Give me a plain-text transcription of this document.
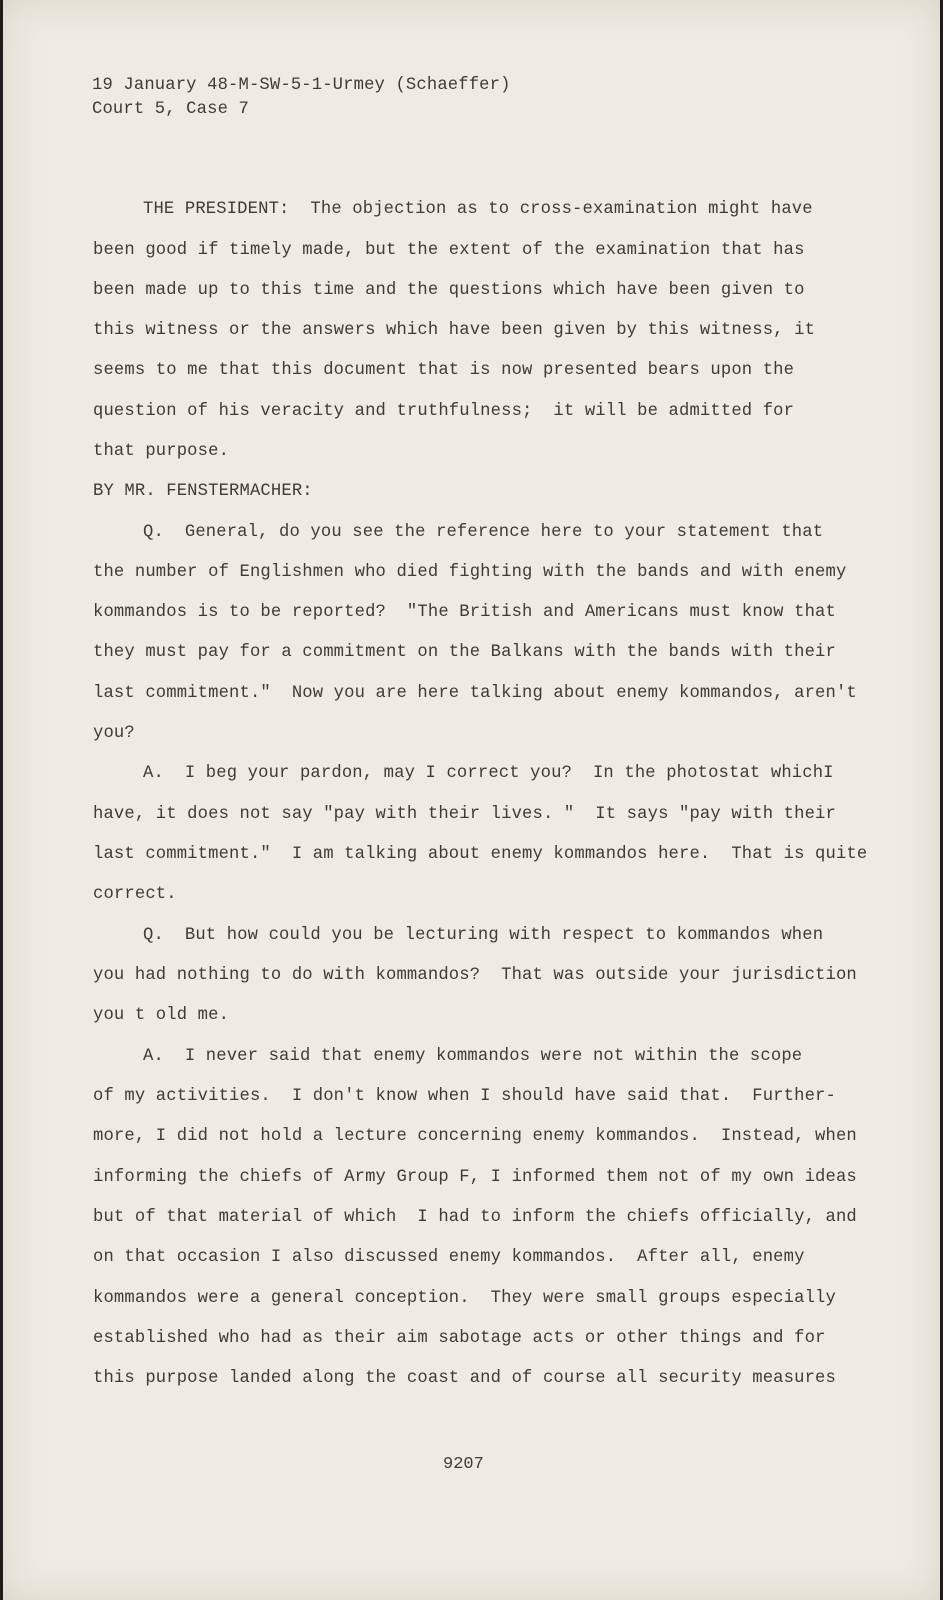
19 January 48-M-SW-5-1-Urmey (Schaeffer)
Court 5, Case 7
THE PRESIDENT:  The objection as to cross-examination might have
been good if timely made, but the extent of the examination that has
been made up to this time and the questions which have been given to
this witness or the answers which have been given by this witness, it
seems to me that this document that is now presented bears upon the
question of his veracity and truthfulness;  it will be admitted for
that purpose.
BY MR. FENSTERMACHER:
Q.  General, do you see the reference here to your statement that
the number of Englishmen who died fighting with the bands and with enemy
kommandos is to be reported?  "The British and Americans must know that
they must pay for a commitment on the Balkans with the bands with their
last commitment."  Now you are here talking about enemy kommandos, aren't
you?
A.  I beg your pardon, may I correct you?  In the photostat whichI
have, it does not say "pay with their lives. "  It says "pay with their
last commitment."  I am talking about enemy kommandos here.  That is quite
correct.
Q.  But how could you be lecturing with respect to kommandos when
you had nothing to do with kommandos?  That was outside your jurisdiction
you t old me.
A.  I never said that enemy kommandos were not within the scope
of my activities.  I don't know when I should have said that.  Further-
more, I did not hold a lecture concerning enemy kommandos.  Instead, when
informing the chiefs of Army Group F, I informed them not of my own ideas
but of that material of which  I had to inform the chiefs officially, and
on that occasion I also discussed enemy kommandos.  After all, enemy
kommandos were a general conception.  They were small groups especially
established who had as their aim sabotage acts or other things and for
this purpose landed along the coast and of course all security measures
9207
